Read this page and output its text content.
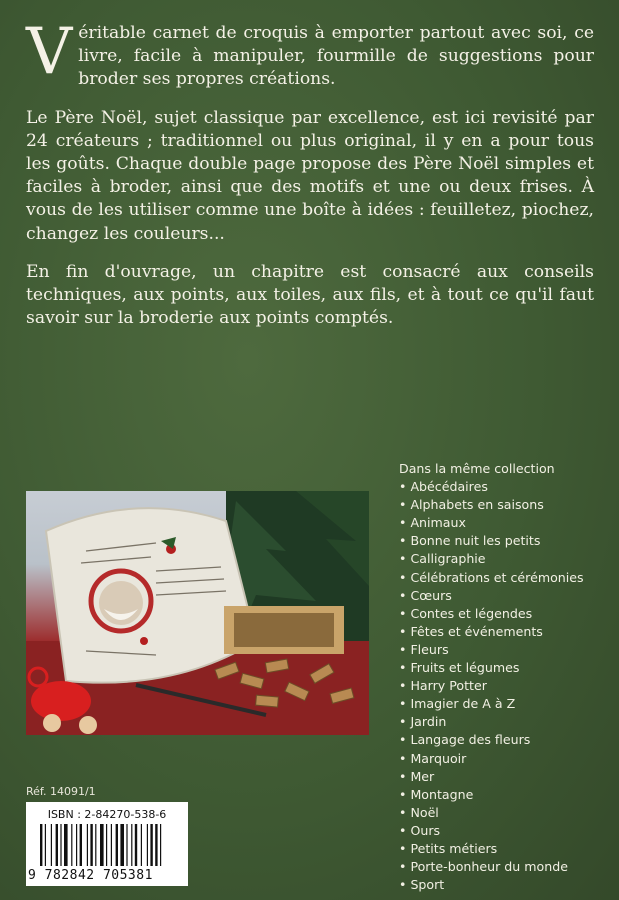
Véritable carnet de croquis à emporter partout avec soi, ce livre, facile à manipuler, fourmille de suggestions pour broder ses propres créations.

Le Père Noël, sujet classique par excellence, est ici revisité par 24 créateurs ; traditionnel ou plus original, il y en a pour tous les goûts. Chaque double page propose des Père Noël simples et faciles à broder, ainsi que des motifs et une ou deux frises. À vous de les utiliser comme une boîte à idées : feuilletez, piochez, changez les couleurs...

En fin d'ouvrage, un chapitre est consacré aux conseils techniques, aux points, aux toiles, aux fils, et à tout ce qu'il faut savoir sur la broderie aux points comptés.

Dans la même collection

• Abécédaires
• Alphabets en saisons
• Animaux
• Bonne nuit les petits
• Calligraphie
• Célébrations et cérémonies
• Cœurs
• Contes et légendes
• Fêtes et événements
• Fleurs
• Fruits et légumes
• Harry Potter
• Imagier de A à Z
• Jardin
• Langage des fleurs
• Marquoir
• Mer
• Montagne
• Noël
• Ours
• Petits métiers
• Porte-bonheur du monde
• Sport
Réf. 14091/1
ISBN : 2-84270-538-6
9 782842 705381
